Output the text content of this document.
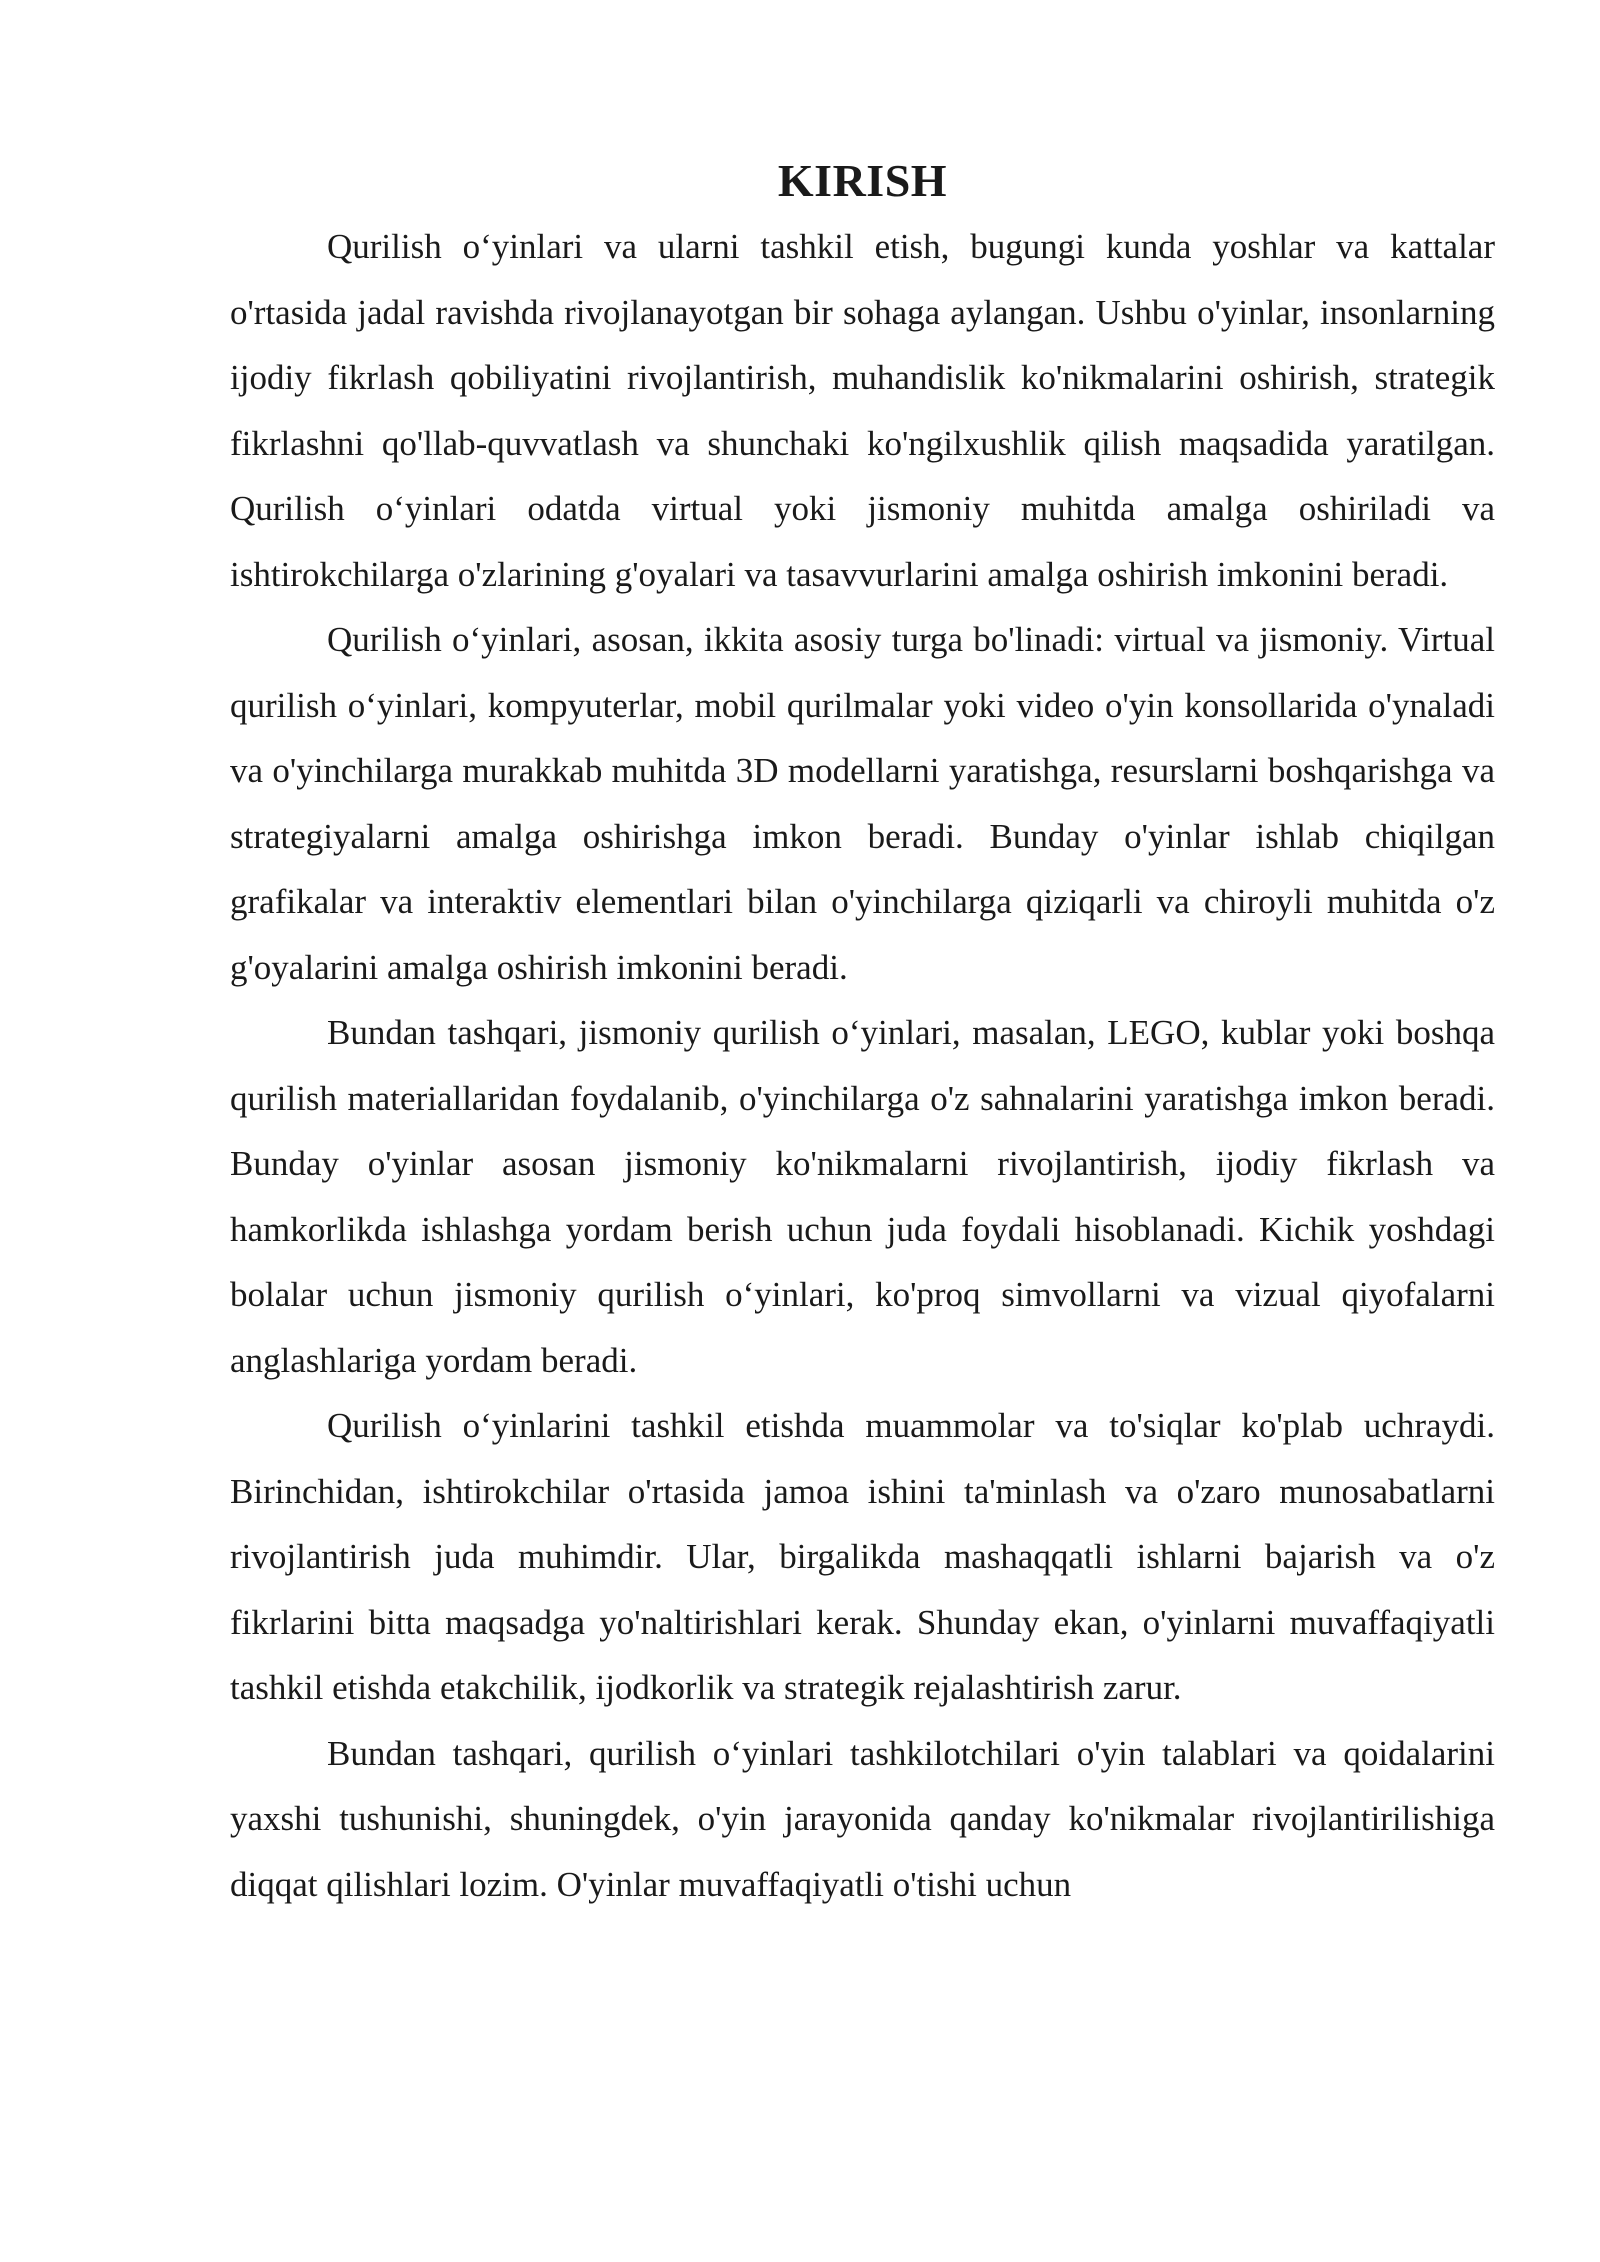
KIRISH

Qurilish o‘yinlari va ularni tashkil etish, bugungi kunda yoshlar va kattalar o'rtasida jadal ravishda rivojlanayotgan bir sohaga aylangan. Ushbu o'yinlar, insonlarning ijodiy fikrlash qobiliyatini rivojlantirish, muhandislik ko'nikmalarini oshirish, strategik fikrlashni qo'llab-quvvatlash va shunchaki ko'ngilxushlik qilish maqsadida yaratilgan. Qurilish o‘yinlari odatda virtual yoki jismoniy muhitda amalga oshiriladi va ishtirokchilarga o'zlarining g'oyalari va tasavvurlarini amalga oshirish imkonini beradi.

Qurilish o‘yinlari, asosan, ikkita asosiy turga bo'linadi: virtual va jismoniy. Virtual qurilish o‘yinlari, kompyuterlar, mobil qurilmalar yoki video o'yin konsollarida o'ynaladi va o'yinchilarga murakkab muhitda 3D modellarni yaratishga, resurslarni boshqarishga va strategiyalarni amalga oshirishga imkon beradi. Bunday o'yinlar ishlab chiqilgan grafikalar va interaktiv elementlari bilan o'yinchilarga qiziqarli va chiroyli muhitda o'z g'oyalarini amalga oshirish imkonini beradi.

Bundan tashqari, jismoniy qurilish o‘yinlari, masalan, LEGO, kublar yoki boshqa qurilish materiallaridan foydalanib, o'yinchilarga o'z sahnalarini yaratishga imkon beradi. Bunday o'yinlar asosan jismoniy ko'nikmalarni rivojlantirish, ijodiy fikrlash va hamkorlikda ishlashga yordam berish uchun juda foydali hisoblanadi. Kichik yoshdagi bolalar uchun jismoniy qurilish o‘yinlari, ko'proq simvollarni va vizual qiyofalarni anglashlariga yordam beradi.

Qurilish o‘yinlarini tashkil etishda muammolar va to'siqlar ko'plab uchraydi. Birinchidan, ishtirokchilar o'rtasida jamoa ishini ta'minlash va o'zaro munosabatlarni rivojlantirish juda muhimdir. Ular, birgalikda mashaqqatli ishlarni bajarish va o'z fikrlarini bitta maqsadga yo'naltirishlari kerak. Shunday ekan, o'yinlarni muvaffaqiyatli tashkil etishda etakchilik, ijodkorlik va strategik rejalashtirish zarur.

Bundan tashqari, qurilish o‘yinlari tashkilotchilari o'yin talablari va qoidalarini yaxshi tushunishi, shuningdek, o'yin jarayonida qanday ko'nikmalar rivojlantirilishiga diqqat qilishlari lozim. O'yinlar muvaffaqiyatli o'tishi uchun
